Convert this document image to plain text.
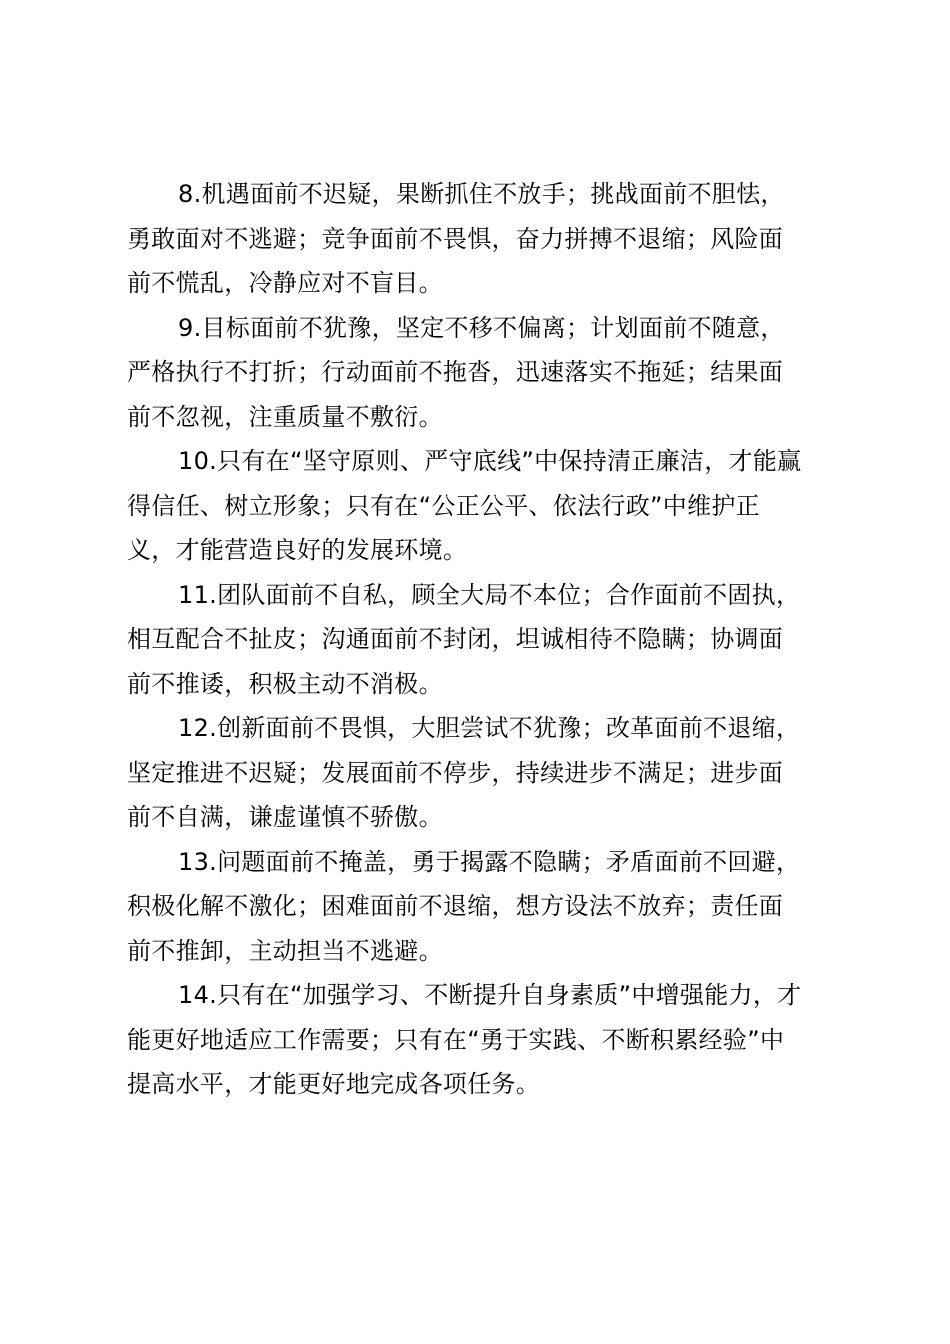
8.机遇面前不迟疑，果断抓住不放手；挑战面前不胆怯，
勇敢面对不逃避；竞争面前不畏惧，奋力拼搏不退缩；风险面
前不慌乱，冷静应对不盲目。

9.目标面前不犹豫，坚定不移不偏离；计划面前不随意，
严格执行不打折；行动面前不拖沓，迅速落实不拖延；结果面
前不忽视，注重质量不敷衍。

10.只有在“坚守原则、严守底线”中保持清正廉洁，才能赢
得信任、树立形象；只有在“公正公平、依法行政”中维护正
义，才能营造良好的发展环境。

11.团队面前不自私，顾全大局不本位；合作面前不固执，
相互配合不扯皮；沟通面前不封闭，坦诚相待不隐瞒；协调面
前不推诿，积极主动不消极。

12.创新面前不畏惧，大胆尝试不犹豫；改革面前不退缩，
坚定推进不迟疑；发展面前不停步，持续进步不满足；进步面
前不自满，谦虚谨慎不骄傲。

13.问题面前不掩盖，勇于揭露不隐瞒；矛盾面前不回避，
积极化解不激化；困难面前不退缩，想方设法不放弃；责任面
前不推卸，主动担当不逃避。

14.只有在“加强学习、不断提升自身素质”中增强能力，才
能更好地适应工作需要；只有在“勇于实践、不断积累经验”中
提高水平，才能更好地完成各项任务。
